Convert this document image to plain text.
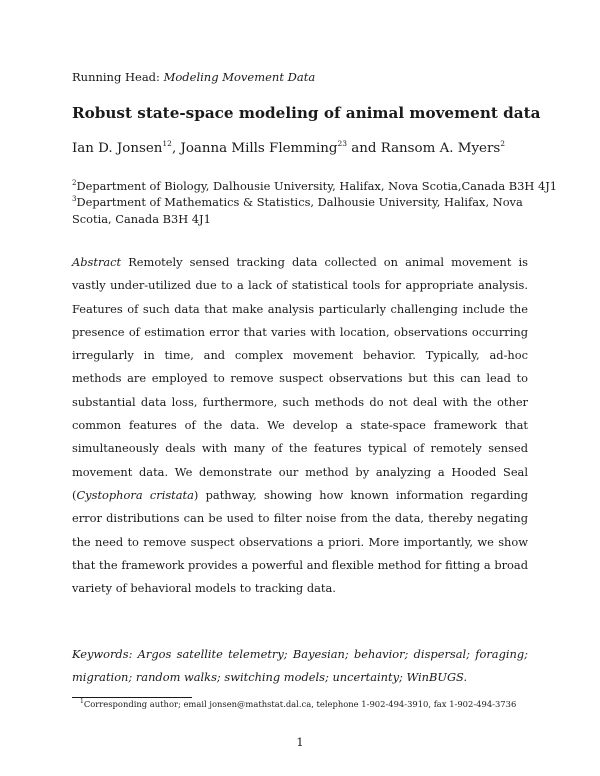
Running Head: Modeling Movement Data
Robust state-space modeling of animal movement data
Ian D. Jonsen$^{12}$, Joanna Mills Flemming$^{23}$ and Ransom A. Myers$^2$
$^2$Department of Biology, Dalhousie University, Halifax, Nova Scotia,Canada B3H 4J1
$^3$Department of Mathematics & Statistics, Dalhousie University, Halifax, Nova Scotia, Canada B3H 4J1
Abstract Remotely sensed tracking data collected on animal movement is vastly under-utilized due to a lack of statistical tools for appropriate analysis. Features of such data that make analysis particularly challenging include the presence of estimation error that varies with location, observations occurring irregularly in time, and complex movement behavior. Typically, ad-hoc methods are employed to remove suspect observations but this can lead to substantial data loss, furthermore, such methods do not deal with the other common features of the data. We develop a state-space framework that simultaneously deals with many of the features typical of remotely sensed movement data. We demonstrate our method by analyzing a Hooded Seal (Cystophora cristata) pathway, showing how known information regarding error distributions can be used to filter noise from the data, thereby negating the need to remove suspect observations a priori. More importantly, we show that the framework provides a powerful and flexible method for fitting a broad variety of behavioral models to tracking data.
Keywords: Argos satellite telemetry; Bayesian; behavior; dispersal; foraging; migration; random walks; switching models; uncertainty; WinBUGS.
$^1$Corresponding author; email jonsen@mathstat.dal.ca, telephone 1-902-494-3910, fax 1-902-494-3736
1
